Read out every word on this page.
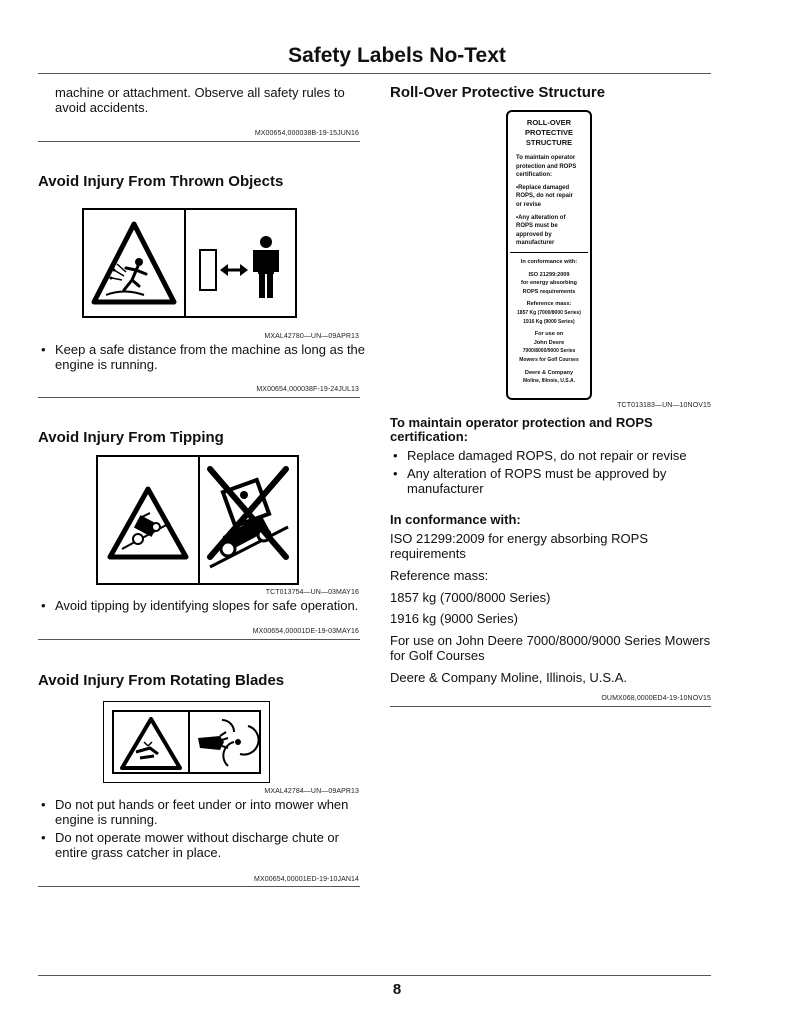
Safety Labels No-Text
machine or attachment. Observe all safety rules to
avoid accidents.
MX00654,000038B-19-15JUN16
Avoid Injury From Thrown Objects
MXAL42780—UN—09APR13
• Keep a safe distance from the machine as long as the
engine is running.
MX00654,000038F-19-24JUL13
Avoid Injury From Tipping
TCT013754—UN—03MAY16
• Avoid tipping by identifying slopes for safe operation.
MX00654,00001DE-19-03MAY16
Avoid Injury From Rotating Blades
MXAL42784—UN—09APR13
• Do not put hands or feet under or into mower when
engine is running.
• Do not operate mower without discharge chute or
entire grass catcher in place.
MX00654,00001ED-19-10JAN14
Roll-Over Protective Structure
ROLL-OVER
PROTECTIVE
STRUCTURE
To maintain operator
protection and ROPS
certification:
•Replace damaged
ROPS, do not repair
or revise
•Any alteration of
ROPS must be
approved by
manufacturer
In conformance with:
ISO 21299:2009
for energy absorbing
ROPS requirements
Reference mass:
1857 Kg (7000/8000 Series)
1916 Kg (9000 Series)
For use on
John Deere
7000/8000/9000 Series
Mowers for Golf Courses
Deere & Company
Moline, Illinois, U.S.A.
TCT013183—UN—10NOV15
To maintain operator protection and ROPS
certification:
• Replace damaged ROPS, do not repair or revise
• Any alteration of ROPS must be approved by
manufacturer
In conformance with:
ISO 21299:2009 for energy absorbing ROPS
requirements
Reference mass:
1857 kg (7000/8000 Series)
1916 kg (9000 Series)
For use on John Deere 7000/8000/9000 Series Mowers
for Golf Courses
Deere & Company Moline, Illinois, U.S.A.
OUMX068,0000ED4-19-10NOV15
8
